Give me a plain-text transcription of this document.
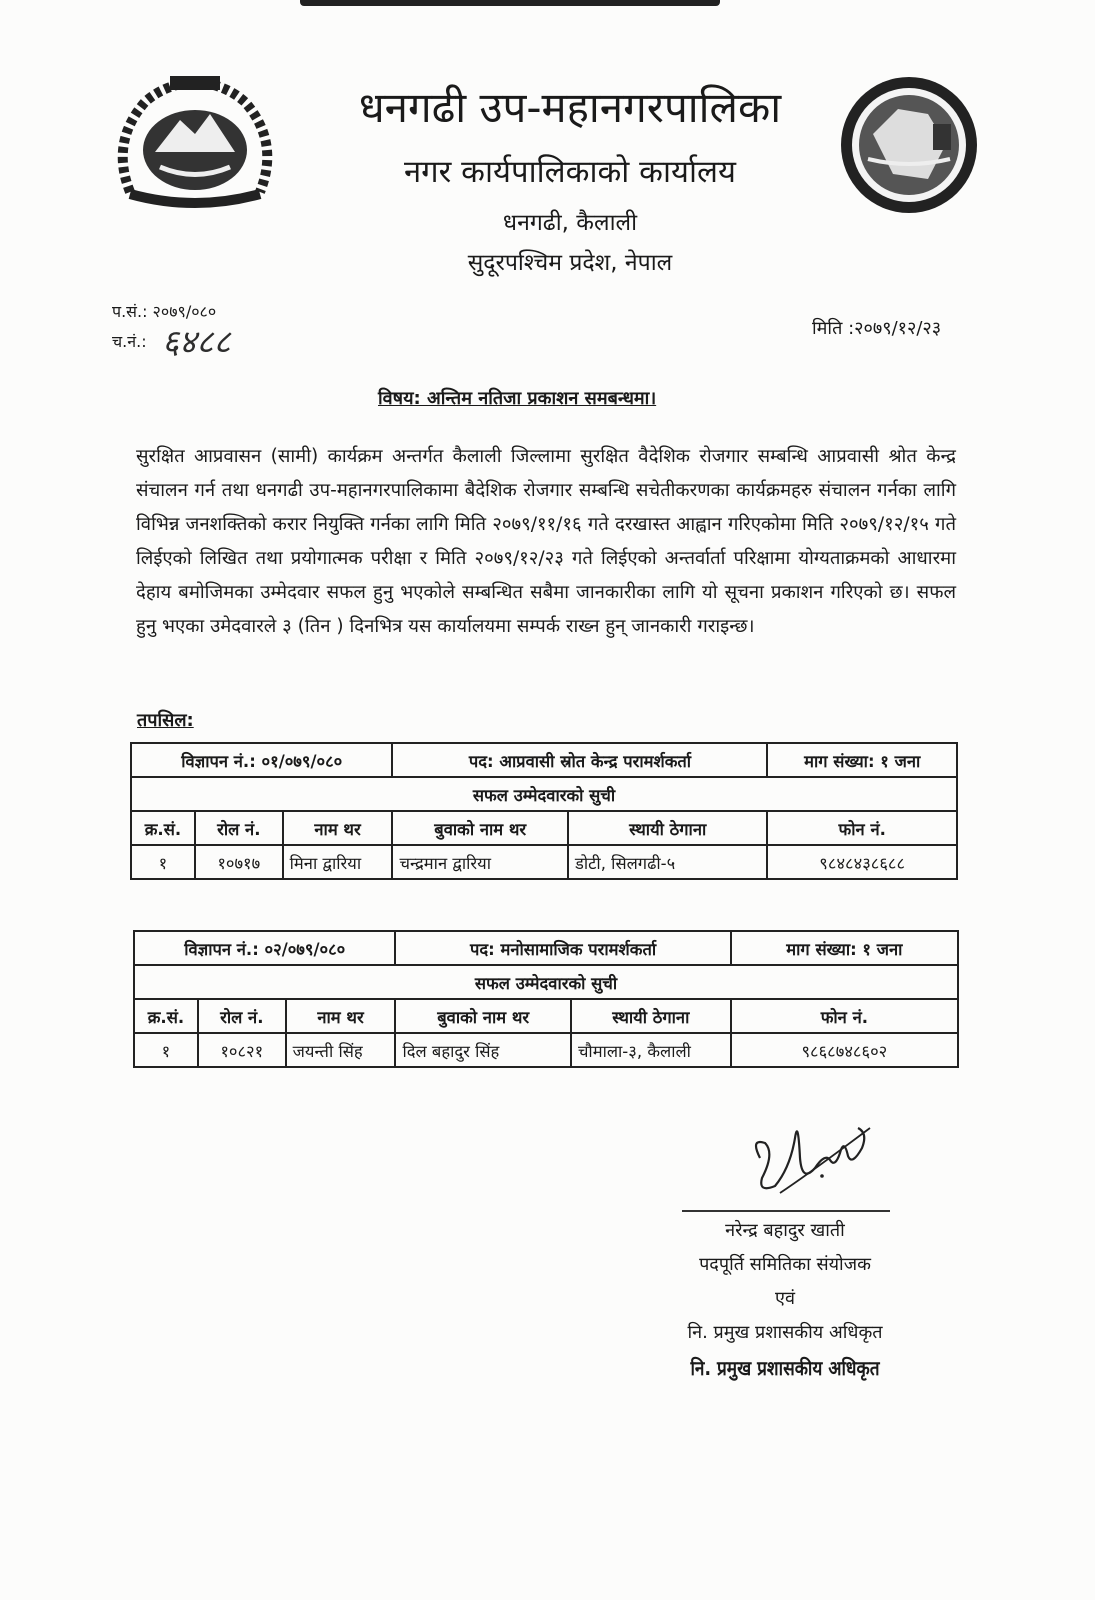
धनगढी उप-महानगरपालिका
नगर कार्यपालिकाको कार्यालय
धनगढी, कैलाली
सुदूरपश्चिम प्रदेश, नेपाल
प.सं.: २०७९/०८०
च.नं.: ६४८८	मिति :२०७९/१२/२३
विषय: अन्तिम नतिजा प्रकाशन समबन्धमा।
सुरक्षित आप्रवासन (सामी) कार्यक्रम अन्तर्गत कैलाली जिल्लामा सुरक्षित वैदेशिक रोजगार सम्बन्धि आप्रवासी श्रोत केन्द्र संचालन गर्न तथा धनगढी उप-महानगरपालिकामा बैदेशिक रोजगार सम्बन्धि सचेतीकरणका कार्यक्रमहरु संचालन गर्नका लागि विभिन्न जनशक्तिको करार नियुक्ति गर्नका लागि मिति २०७९/११/१६ गते दरखास्त आह्वान गरिएकोमा मिति २०७९/१२/१५ गते लिईएको लिखित तथा प्रयोगात्मक परीक्षा र मिति २०७९/१२/२३ गते लिईएको अन्तर्वार्ता परिक्षामा योग्यताक्रमको आधारमा देहाय बमोजिमका उम्मेदवार सफल हुनु भएकोले सम्बन्धित सबैमा जानकारीका लागि यो सूचना प्रकाशन गरिएको छ। सफल हुनु भएका उमेदवारले ३ (तिन ) दिनभित्र यस कार्यालयमा सम्पर्क राख्न हुन् जानकारी गराइन्छ।
तपसिल:
विज्ञापन नं.: ०१/०७९/०८०			पद: आप्रवासी स्रोत केन्द्र परामर्शकर्ता		माग संख्या: १ जना
सफल उम्मेदवारको सुची					
क्र.सं.	रोल नं.	नाम थर	बुवाको नाम थर	स्थायी ठेगाना	फोन नं.
१	१०७१७	मिना द्वारिया	चन्द्रमान द्वारिया	डोटी, सिलगढी-५	९८४८४३८६८८
विज्ञापन नं.: ०२/०७९/०८०			पद: मनोसामाजिक परामर्शकर्ता		माग संख्या: १ जना
सफल उम्मेदवारको सुची					
क्र.सं.	रोल नं.	नाम थर	बुवाको नाम थर	स्थायी ठेगाना	फोन नं.
१	१०८२१	जयन्ती सिंह	दिल बहादुर सिंह	चौमाला-३, कैलाली	९८६८७४८६०२
नरेन्द्र बहादुर खाती
पदपूर्ति समितिका संयोजक
एवं
नि. प्रमुख प्रशासकीय अधिकृत
नि. प्रमुख प्रशासकीय अधिकृत
